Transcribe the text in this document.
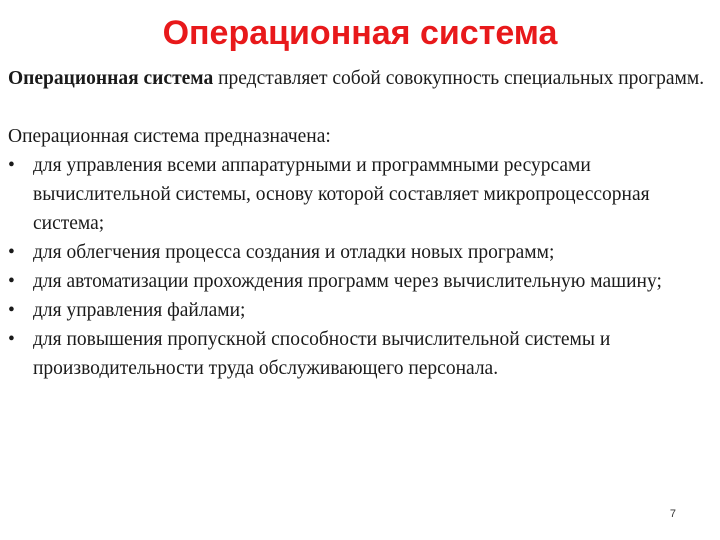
Операционная система

Операционная система представляет собой совокупность специальных программ.

Операционная система предназначена:

• для управления всеми аппаратурными и программными ресурсами вычислительной системы, основу которой составляет микропроцессорная система;
• для облегчения процесса создания и отладки новых программ;
• для автоматизации прохождения программ через вычислительную машину;
• для управления файлами;
• для повышения пропускной способности вычислительной системы и производительности труда обслуживающего персонала.
7
